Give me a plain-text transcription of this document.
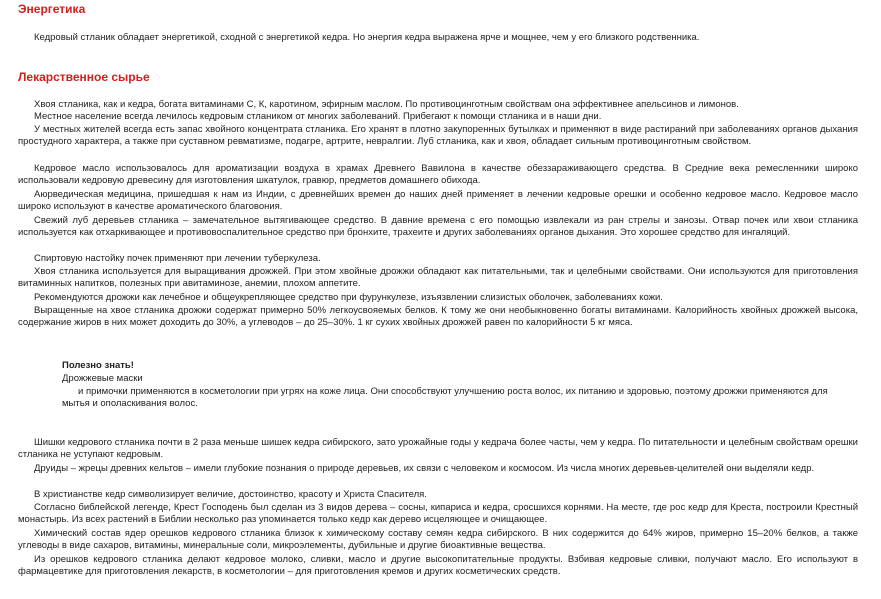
Энергетика

Кедровый стланик обладает энергетикой, сходной с энергетикой кедра. Но энергия кедра выражена ярче и мощнее, чем у его близкого родственника.

Лекарственное сырье

Хвоя стланика, как и кедра, богата витаминами С, К, каротином, эфирным маслом. По противоцинготным свойствам она эффективнее апельсинов и лимонов.

Местное население всегда лечилось кедровым стлаником от многих заболеваний. Прибегают к помощи стланика и в наши дни.

У местных жителей всегда есть запас хвойного концентрата стланика. Его хранят в плотно закупоренных бутылках и применяют в виде растираний при заболеваниях органов дыхания простудного характера, а также при суставном ревматизме, подагре, артрите, невралгии. Луб стланика, как и хвоя, обладает сильным противоцинготным свойством.

Кедровое масло использовалось для ароматизации воздуха в храмах Древнего Вавилона в качестве обеззараживающего средства. В Средние века ремесленники широко использовали кедровую древесину для изготовления шкатулок, гравюр, предметов домашнего обихода.

Аюрведическая медицина, пришедшая к нам из Индии, с древнейших времен до наших дней применяет в лечении кедровые орешки и особенно кедровое масло. Кедровое масло широко используют в качестве ароматического благовония.

Свежий луб деревьев стланика – замечательное вытягивающее средство. В давние времена с его помощью извлекали из ран стрелы и занозы. Отвар почек или хвои стланика используется как отхаркивающее и противовоспалительное средство при бронхите, трахеите и других заболеваниях органов дыхания. Это хорошее средство для ингаляций.

Спиртовую настойку почек применяют при лечении туберкулеза.

Хвоя стланика используется для выращивания дрожжей. При этом хвойные дрожжи обладают как питательными, так и целебными свойствами. Они используются для приготовления витаминных напитков, полезных при авитаминозе, анемии, плохом аппетите.

Рекомендуются дрожжи как лечебное и общеукрепляющее средство при фурункулезе, изъязвлении слизистых оболочек, заболеваниях кожи.

Выращенные на хвое стланика дрожжи содержат примерно 50% легкоусвояемых белков. К тому же они необыкновенно богаты витаминами. Калорийность хвойных дрожжей высока, содержание жиров в них может доходить до 30%, а углеводов – до 25–30%. 1 кг сухих хвойных дрожжей равен по калорийности 5 кг мяса.

Полезно знать!
Дрожжевые маски
и примочки применяются в косметологии при угрях на коже лица. Они способствуют улучшению роста волос, их питанию и здоровью, поэтому дрожжи применяются для мытья и ополаскивания волос.

Шишки кедрового стланика почти в 2 раза меньше шишек кедра сибирского, зато урожайные годы у кедрача более часты, чем у кедра. По питательности и целебным свойствам орешки стланика не уступают кедровым.

Друиды – жрецы древних кельтов – имели глубокие познания о природе деревьев, их связи с человеком и космосом. Из числа многих деревьев-целителей они выделяли кедр.

В христианстве кедр символизирует величие, достоинство, красоту и Христа Спасителя.

Согласно библейской легенде, Крест Господень был сделан из 3 видов дерева – сосны, кипариса и кедра, сросшихся корнями. На месте, где рос кедр для Креста, построили Крестный монастырь. Из всех растений в Библии несколько раз упоминается только кедр как дерево исцеляющее и очищающее.

Химический состав ядер орешков кедрового стланика близок к химическому составу семян кедра сибирского. В них содержится до 64% жиров, примерно 15–20% белков, а также углеводы в виде сахаров, витамины, минеральные соли, микроэлементы, дубильные и другие биоактивные вещества.

Из орешков кедрового стланика делают кедровое молоко, сливки, масло и другие высокопитательные продукты. Взбивая кедровые сливки, получают масло. Его используют в фармацевтике для приготовления лекарств, в косметологии – для приготовления кремов и других косметических средств.
